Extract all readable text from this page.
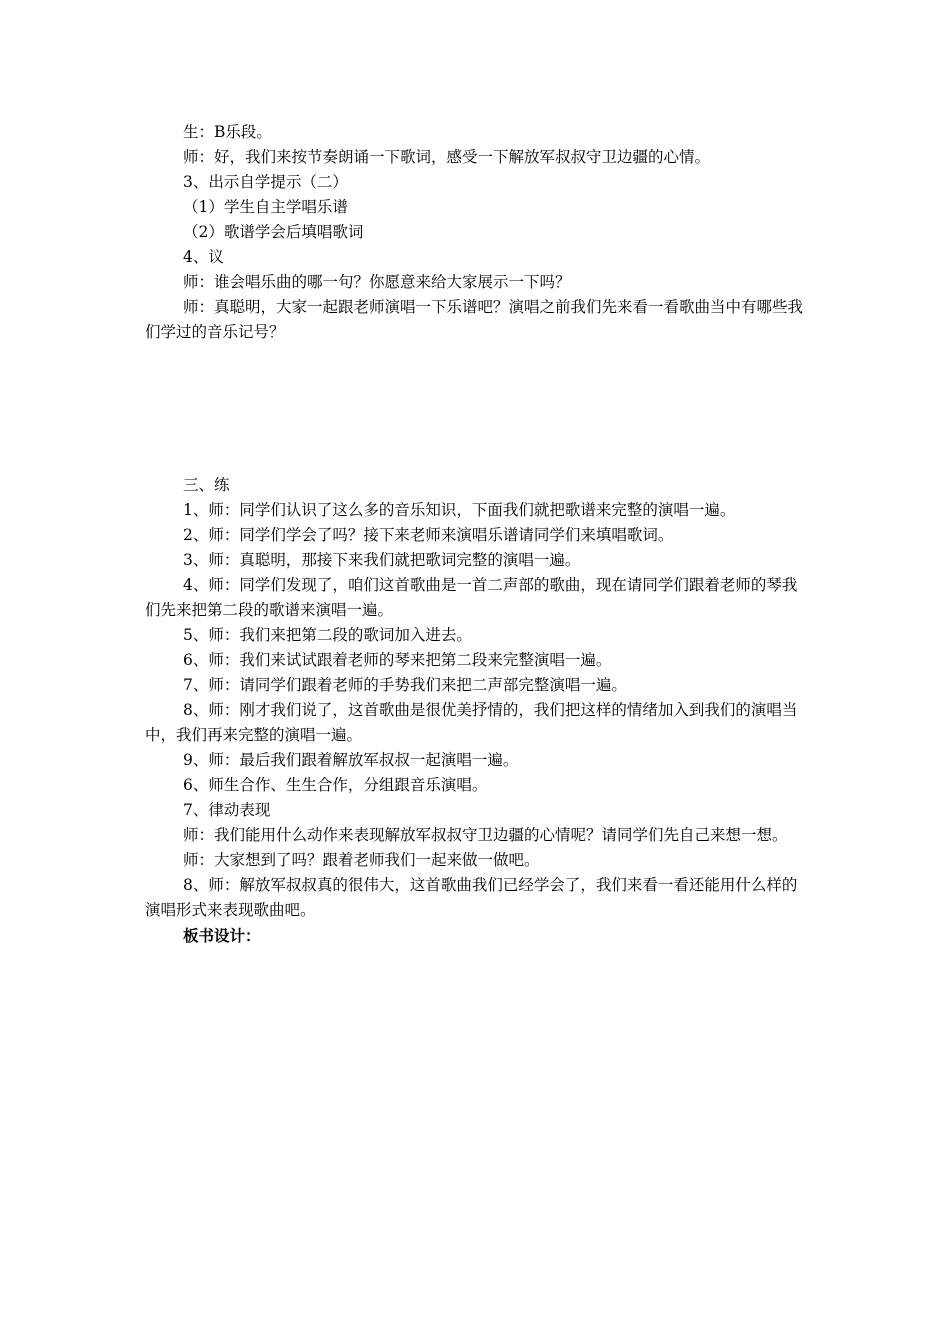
生：B乐段。

师：好，我们来按节奏朗诵一下歌词，感受一下解放军叔叔守卫边疆的心情。

3、出示自学提示（二）

（1）学生自主学唱乐谱

（2）歌谱学会后填唱歌词

4、议

师：谁会唱乐曲的哪一句？你愿意来给大家展示一下吗？

师：真聪明，大家一起跟老师演唱一下乐谱吧？演唱之前我们先来看一看歌曲当中有哪些我们学过的音乐记号？

三、练

1、师：同学们认识了这么多的音乐知识，下面我们就把歌谱来完整的演唱一遍。

2、师：同学们学会了吗？接下来老师来演唱乐谱请同学们来填唱歌词。

3、师：真聪明，那接下来我们就把歌词完整的演唱一遍。

4、师：同学们发现了，咱们这首歌曲是一首二声部的歌曲，现在请同学们跟着老师的琴我们先来把第二段的歌谱来演唱一遍。

5、师：我们来把第二段的歌词加入进去。

6、师：我们来试试跟着老师的琴来把第二段来完整演唱一遍。

7、师：请同学们跟着老师的手势我们来把二声部完整演唱一遍。

8、师：刚才我们说了，这首歌曲是很优美抒情的，我们把这样的情绪加入到我们的演唱当中，我们再来完整的演唱一遍。

9、师：最后我们跟着解放军叔叔一起演唱一遍。

6、师生合作、生生合作，分组跟音乐演唱。

7、律动表现

师：我们能用什么动作来表现解放军叔叔守卫边疆的心情呢？请同学们先自己来想一想。

师：大家想到了吗？跟着老师我们一起来做一做吧。

8、师：解放军叔叔真的很伟大，这首歌曲我们已经学会了，我们来看一看还能用什么样的演唱形式来表现歌曲吧。

板书设计：
